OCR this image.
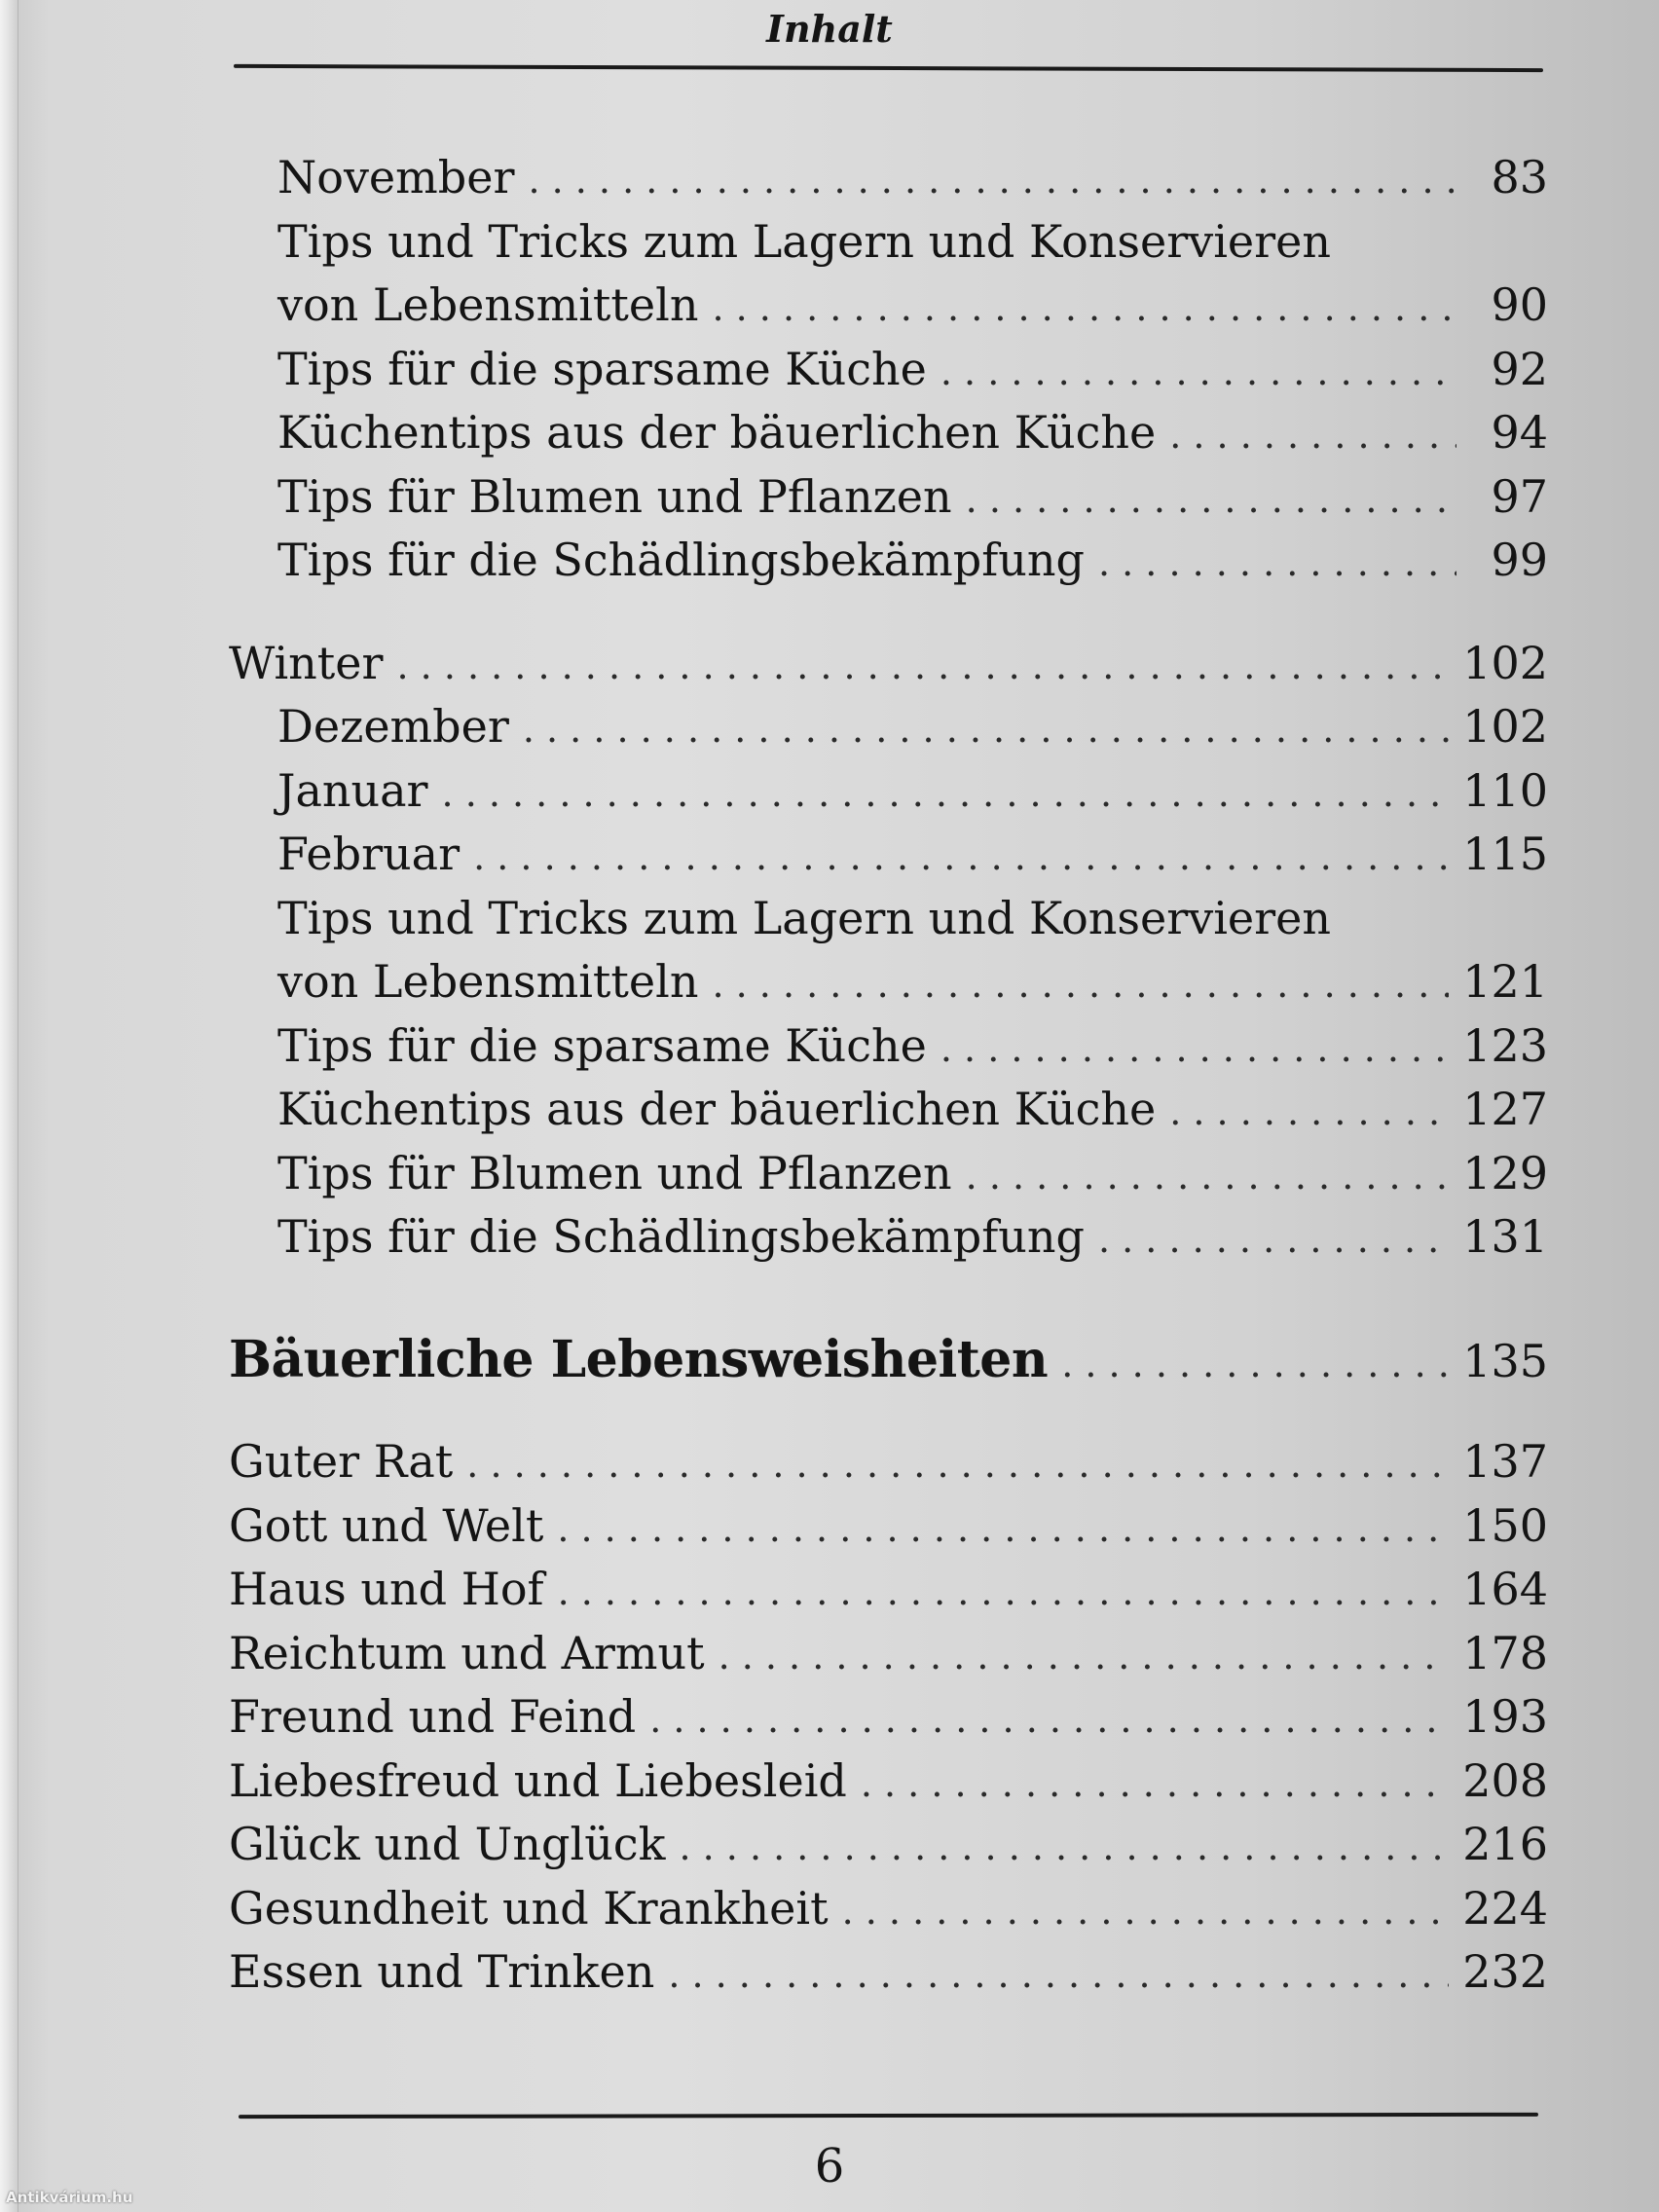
Inhalt
November . . .	83
Tips und Tricks zum Lagern und Konservieren
von Lebensmitteln . . .	90
Tips für die sparsame Küche . . .	92
Küchentips aus der bäuerlichen Küche . . .	94
Tips für Blumen und Pflanzen . . .	97
Tips für die Schädlingsbekämpfung . . .	99
Winter . . .	102
Dezember . . .	102
Januar . . .	110
Februar . . .	115
Tips und Tricks zum Lagern und Konservieren
von Lebensmitteln . . .	121
Tips für die sparsame Küche . . .	123
Küchentips aus der bäuerlichen Küche . . .	127
Tips für Blumen und Pflanzen . . .	129
Tips für die Schädlingsbekämpfung . . .	131
Bäuerliche Lebensweisheiten . . .	135
Guter Rat . . .	137
Gott und Welt . . .	150
Haus und Hof . . .	164
Reichtum und Armut . . .	178
Freund und Feind . . .	193
Liebesfreud und Liebesleid . . .	208
Glück und Unglück . . .	216
Gesundheit und Krankheit . . .	224
Essen und Trinken . . .	232
6
Antikvárium.hu
